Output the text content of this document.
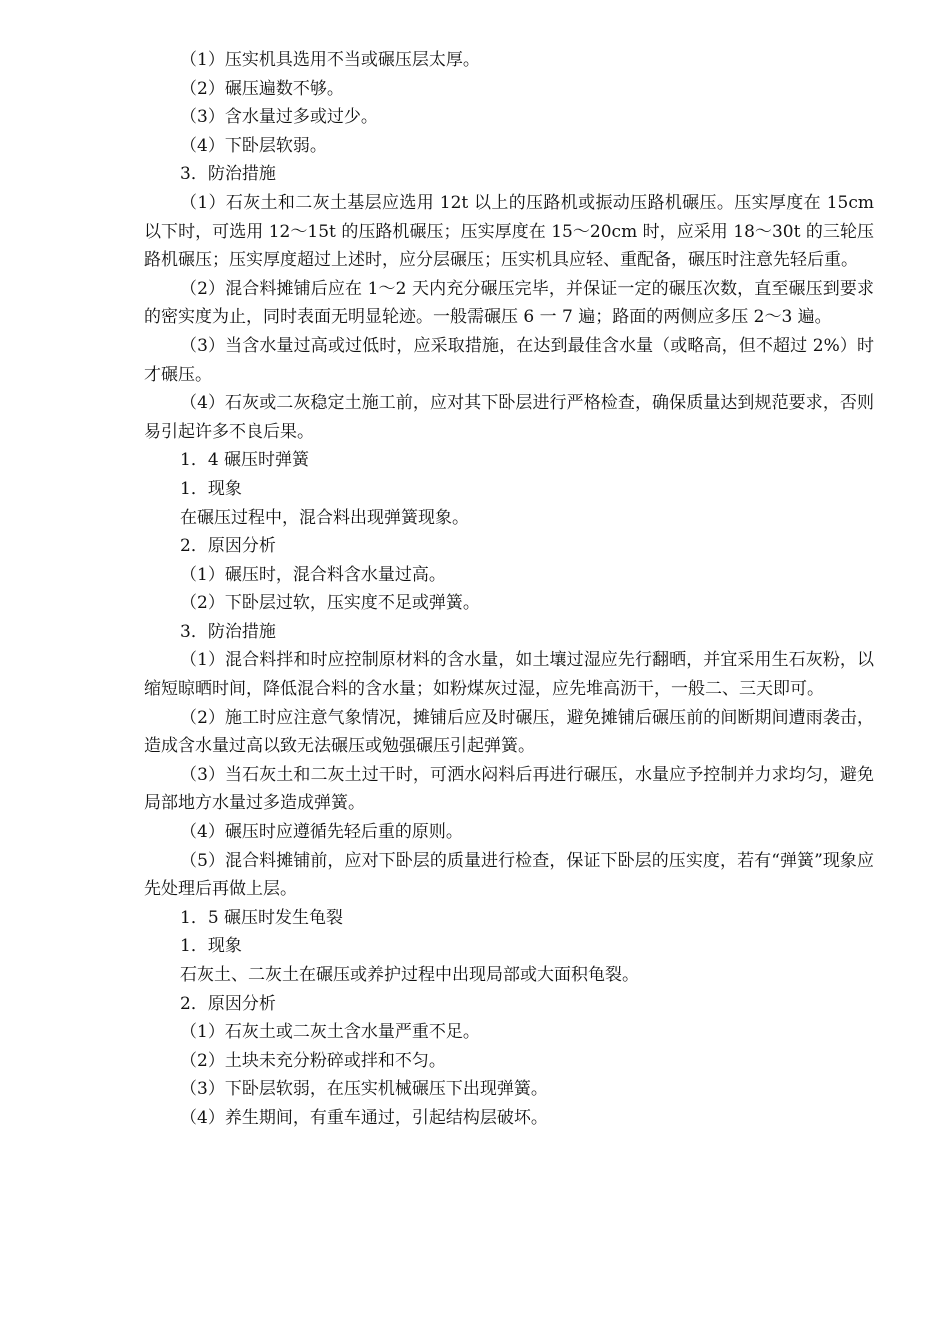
（1）压实机具选用不当或碾压层太厚。

（2）碾压遍数不够。

（3）含水量过多或过少。

（4）下卧层软弱。

3．防治措施

（1）石灰土和二灰土基层应选用 12t 以上的压路机或振动压路机碾压。压实厚度在 15cm 以下时，可选用 12～15t 的压路机碾压；压实厚度在 15～20cm 时，应采用 18～30t 的三轮压路机碾压；压实厚度超过上述时，应分层碾压；压实机具应轻、重配备，碾压时注意先轻后重。

（2）混合料摊铺后应在 1～2 天内充分碾压完毕，并保证一定的碾压次数，直至碾压到要求的密实度为止，同时表面无明显轮迹。一般需碾压 6 一 7 遍；路面的两侧应多压 2～3 遍。

（3）当含水量过高或过低时，应采取措施，在达到最佳含水量（或略高，但不超过 2%）时才碾压。

（4）石灰或二灰稳定土施工前，应对其下卧层进行严格检查，确保质量达到规范要求，否则易引起许多不良后果。

1．4 碾压时弹簧

1．现象

在碾压过程中，混合料出现弹簧现象。

2．原因分析

（1）碾压时，混合料含水量过高。

（2）下卧层过软，压实度不足或弹簧。

3．防治措施

（1）混合料拌和时应控制原材料的含水量，如土壤过湿应先行翻晒，并宜采用生石灰粉，以缩短晾晒时间，降低混合料的含水量；如粉煤灰过湿，应先堆高沥干，一般二、三天即可。

（2）施工时应注意气象情况，摊铺后应及时碾压，避免摊铺后碾压前的间断期间遭雨袭击，造成含水量过高以致无法碾压或勉强碾压引起弹簧。

（3）当石灰土和二灰土过干时，可洒水闷料后再进行碾压，水量应予控制并力求均匀，避免局部地方水量过多造成弹簧。

（4）碾压时应遵循先轻后重的原则。

（5）混合料摊铺前，应对下卧层的质量进行检查，保证下卧层的压实度，若有“弹簧”现象应先处理后再做上层。

1．5 碾压时发生龟裂

1．现象

石灰土、二灰土在碾压或养护过程中出现局部或大面积龟裂。

2．原因分析

（1）石灰土或二灰土含水量严重不足。

（2）土块未充分粉碎或拌和不匀。

（3）下卧层软弱，在压实机械碾压下出现弹簧。

（4）养生期间，有重车通过，引起结构层破坏。
